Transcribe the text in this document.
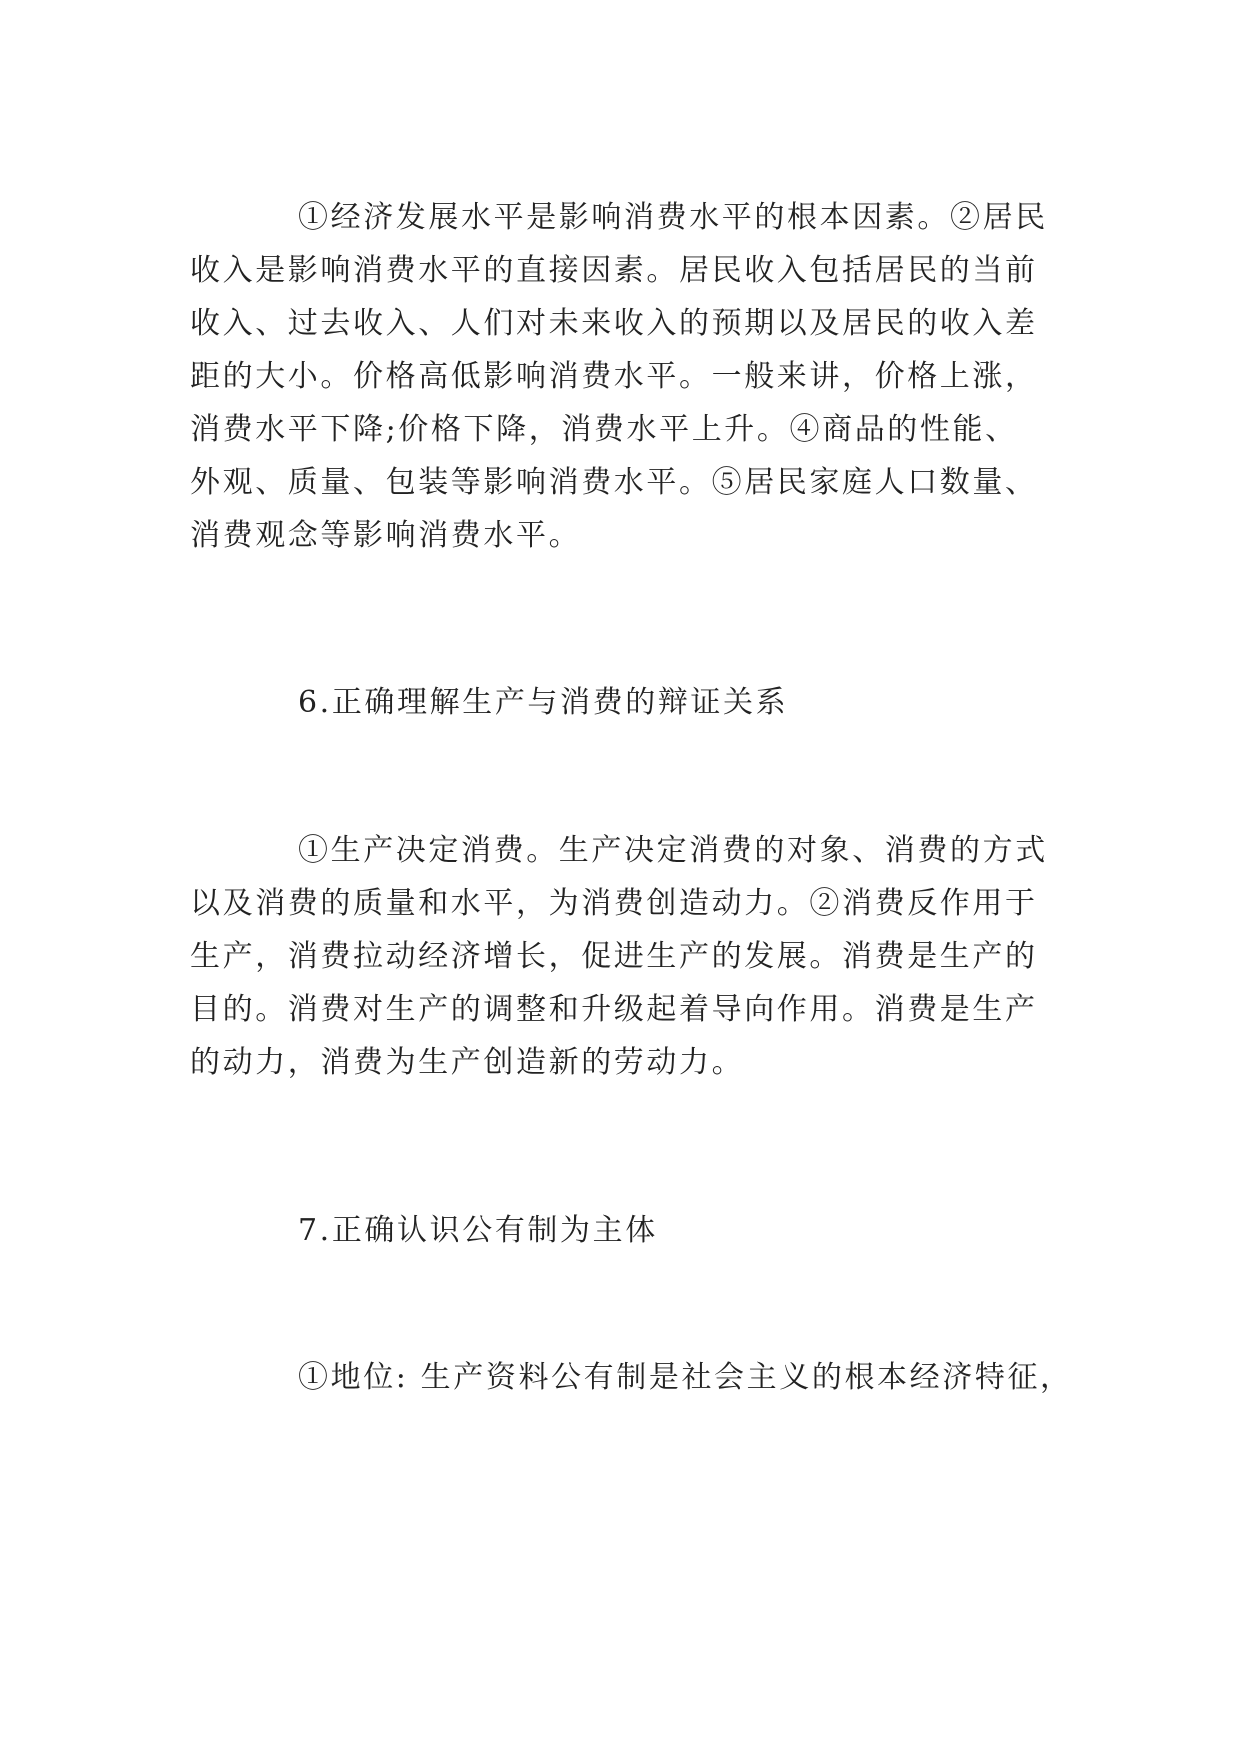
①经济发展水平是影响消费水平的根本因素。②居民
收入是影响消费水平的直接因素。居民收入包括居民的当前
收入、过去收入、人们对未来收入的预期以及居民的收入差
距的大小。价格高低影响消费水平。一般来讲，价格上涨，
消费水平下降;价格下降，消费水平上升。④商品的性能、
外观、质量、包装等影响消费水平。⑤居民家庭人口数量、
消费观念等影响消费水平。
6.正确理解生产与消费的辩证关系
①生产决定消费。生产决定消费的对象、消费的方式
以及消费的质量和水平，为消费创造动力。②消费反作用于
生产，消费拉动经济增长，促进生产的发展。消费是生产的
目的。消费对生产的调整和升级起着导向作用。消费是生产
的动力，消费为生产创造新的劳动力。
7.正确认识公有制为主体
①地位: 生产资料公有制是社会主义的根本经济特征，
